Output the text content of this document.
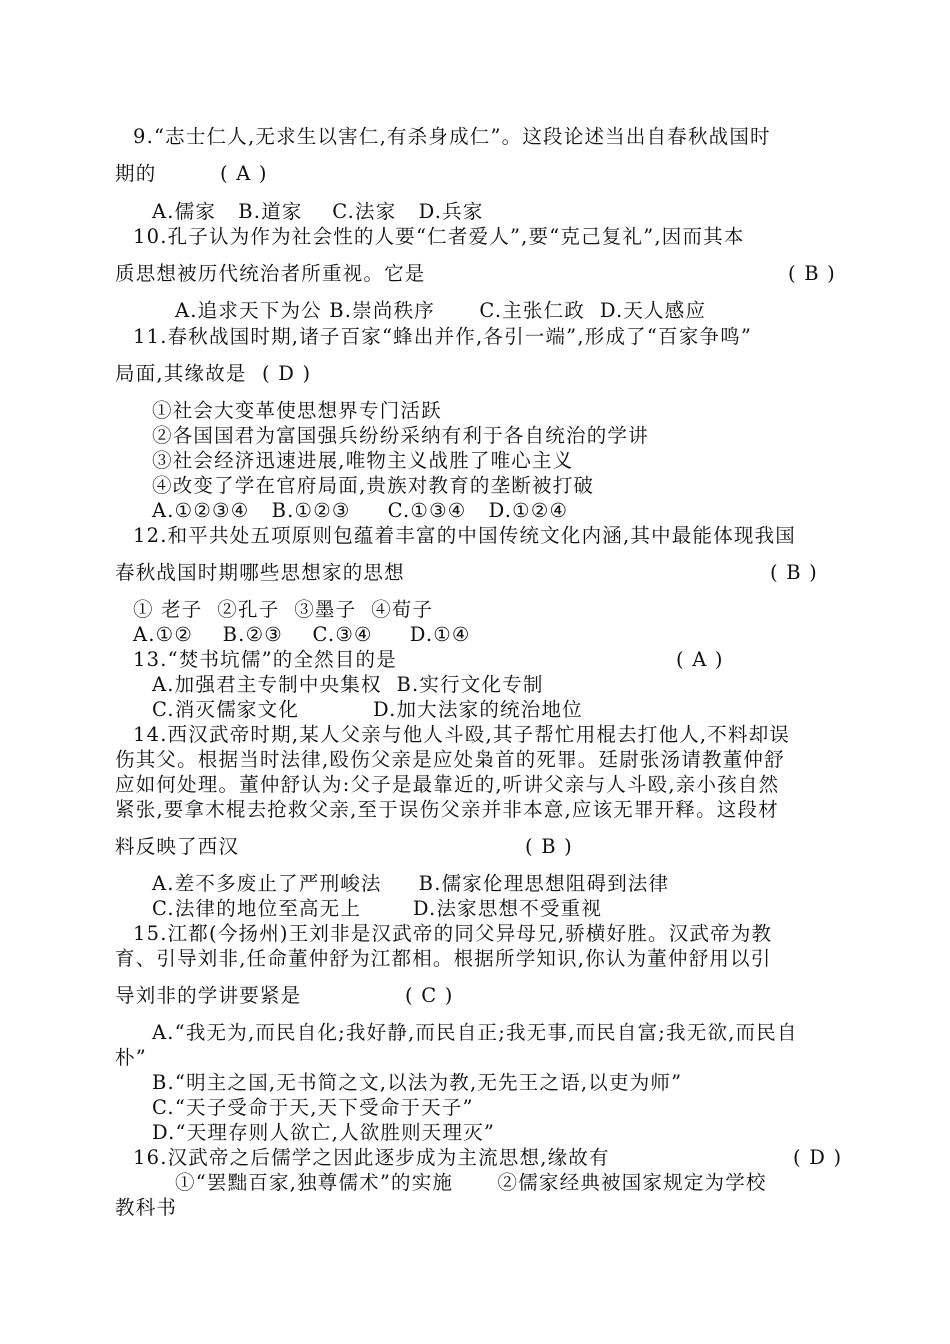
9.“志士仁人,无求生以害仁,有杀身成仁”。这段论述当出自春秋战国时
期的	( A )
A.儒家   B.道家    C.法家   D.兵家
10.孔子认为作为社会性的人要“仁者爱人”,要“克己复礼”,因而其本
质思想被历代统治者所重视。它是	( B )
A.追求天下为公 B.崇尚秩序      C.主张仁政  D.天人感应
11.春秋战国时期,诸子百家“蜂出并作,各引一端”,形成了“百家争鸣”
局面,其缘故是 ( D )
①社会大变革使思想界专门活跃
②各国国君为富国强兵纷纷采纳有利于各自统治的学讲
③社会经济迅速进展,唯物主义战胜了唯心主义
④改变了学在官府局面,贵族对教育的垄断被打破
A.①②③④   B.①②③     C.①③④   D.①②④
12.和平共处五项原则包蕴着丰富的中国传统文化内涵,其中最能体现我国
春秋战国时期哪些思想家的思想	( B )
① 老子  ②孔子  ③墨子  ④荀子
A.①②    B.②③    C.③④     D.①④
13.“焚书坑儒”的全然目的是	( A )
A.加强君主专制中央集权  B.实行文化专制
C.消灭儒家文化          D.加大法家的统治地位
14.西汉武帝时期,某人父亲与他人斗殴,其子帮忙用棍去打他人,不料却误
伤其父。根据当时法律,殴伤父亲是应处枭首的死罪。廷尉张汤请教董仲舒
应如何处理。董仲舒认为:父子是最靠近的,听讲父亲与人斗殴,亲小孩自然
紧张,要拿木棍去抢救父亲,至于误伤父亲并非本意,应该无罪开释。这段材
料反映了西汉	( B )
A.差不多废止了严刑峻法     B.儒家伦理思想阻碍到法律
C.法律的地位至高无上       D.法家思想不受重视
15.江都(今扬州)王刘非是汉武帝的同父异母兄,骄横好胜。汉武帝为教
育、引导刘非,任命董仲舒为江都相。根据所学知识,你认为董仲舒用以引
导刘非的学讲要紧是	( C )
A.“我无为,而民自化;我好静,而民自正;我无事,而民自富;我无欲,而民自
朴”
B.“明主之国,无书简之文,以法为教,无先王之语,以吏为师”
C.“天子受命于天,天下受命于天子”
D.“天理存则人欲亡,人欲胜则天理灭”
16.汉武帝之后儒学之因此逐步成为主流思想,缘故有	( D )
①“罢黜百家,独尊儒术”的实施      ②儒家经典被国家规定为学校
教科书
